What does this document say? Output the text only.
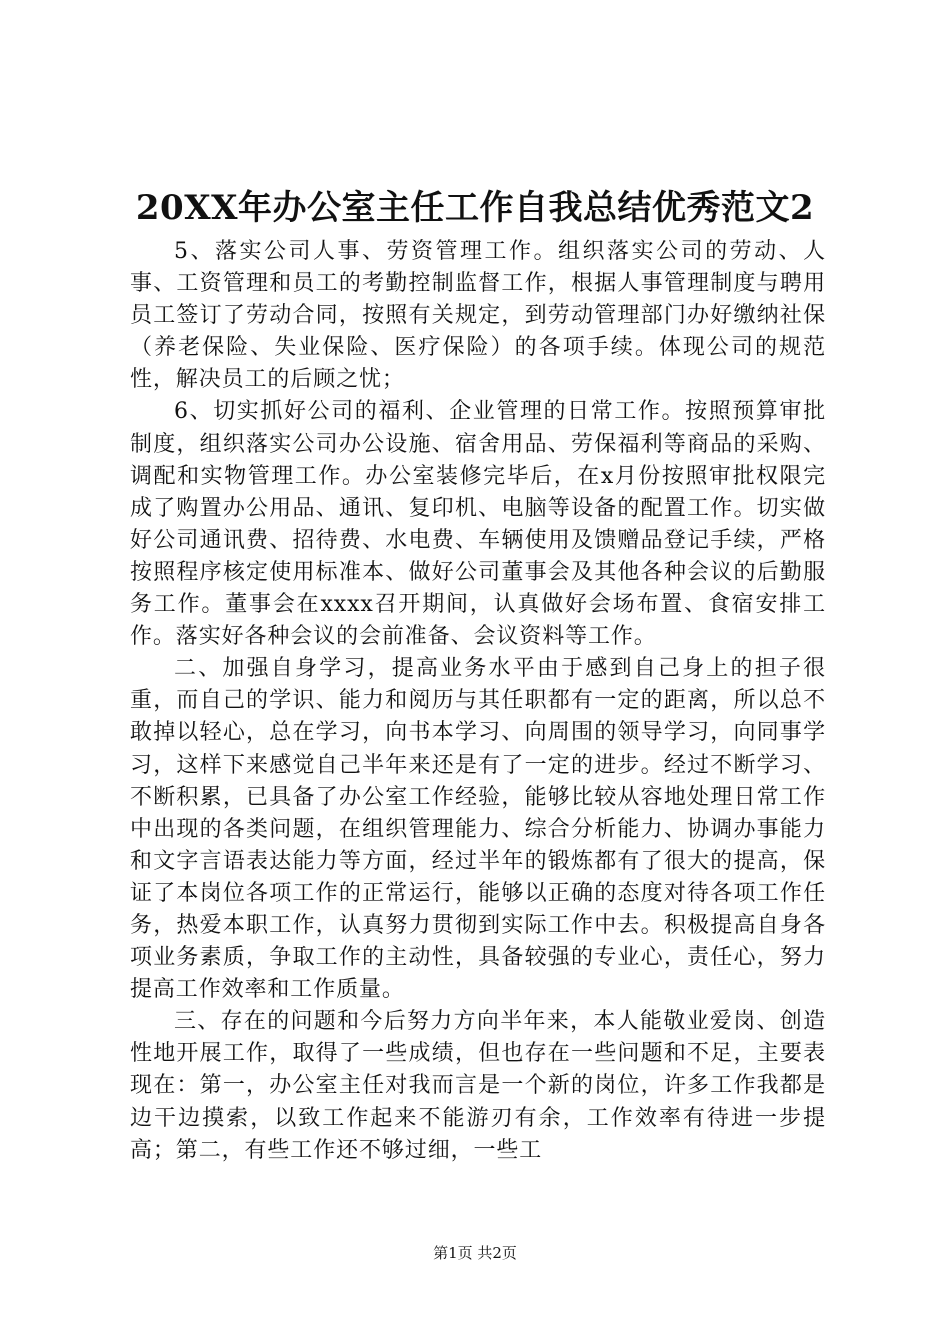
20XX年办公室主任工作自我总结优秀范文2

5、落实公司人事、劳资管理工作。组织落实公司的劳动、人事、工资管理和员工的考勤控制监督工作，根据人事管理制度与聘用员工签订了劳动合同，按照有关规定，到劳动管理部门办好缴纳社保（养老保险、失业保险、医疗保险）的各项手续。体现公司的规范性，解决员工的后顾之忧；

6、切实抓好公司的福利、企业管理的日常工作。按照预算审批制度，组织落实公司办公设施、宿舍用品、劳保福利等商品的采购、调配和实物管理工作。办公室装修完毕后，在x月份按照审批权限完成了购置办公用品、通讯、复印机、电脑等设备的配置工作。切实做好公司通讯费、招待费、水电费、车辆使用及馈赠品登记手续，严格按照程序核定使用标准本、做好公司董事会及其他各种会议的后勤服务工作。董事会在xxxx召开期间，认真做好会场布置、食宿安排工作。落实好各种会议的会前准备、会议资料等工作。

二、加强自身学习，提高业务水平由于感到自己身上的担子很重，而自己的学识、能力和阅历与其任职都有一定的距离，所以总不敢掉以轻心，总在学习，向书本学习、向周围的领导学习，向同事学习，这样下来感觉自己半年来还是有了一定的进步。经过不断学习、不断积累，已具备了办公室工作经验，能够比较从容地处理日常工作中出现的各类问题，在组织管理能力、综合分析能力、协调办事能力和文字言语表达能力等方面，经过半年的锻炼都有了很大的提高，保证了本岗位各项工作的正常运行，能够以正确的态度对待各项工作任务，热爱本职工作，认真努力贯彻到实际工作中去。积极提高自身各项业务素质，争取工作的主动性，具备较强的专业心，责任心，努力提高工作效率和工作质量。

三、存在的问题和今后努力方向半年来，本人能敬业爱岗、创造性地开展工作，取得了一些成绩，但也存在一些问题和不足，主要表现在：第一，办公室主任对我而言是一个新的岗位，许多工作我都是边干边摸索，以致工作起来不能游刃有余，工作效率有待进一步提高；第二，有些工作还不够过细，一些工

第1页 共2页
